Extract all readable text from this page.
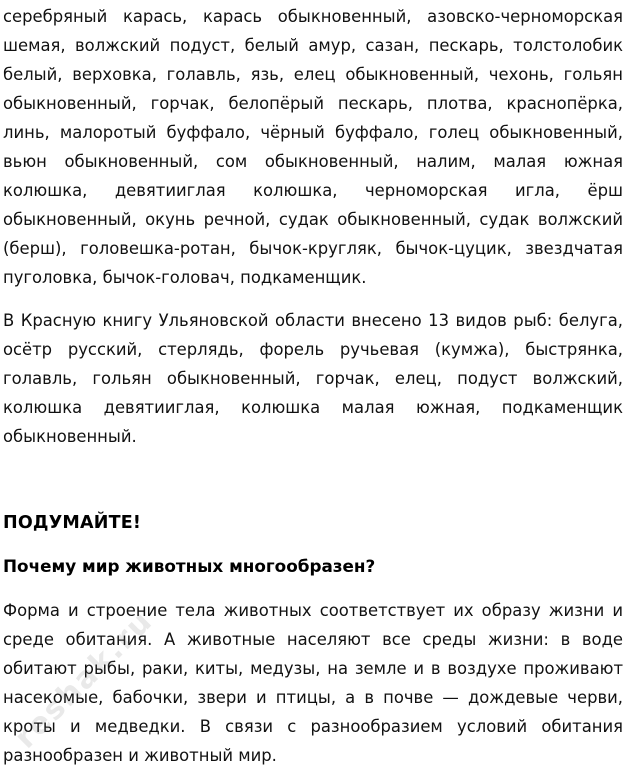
серебряный карась, карась обыкновенный, азовско-черноморская шемая, волжский подуст, белый амур, сазан, пескарь, толстолобик белый, верховка, голавль, язь, елец обыкновенный, чехонь, гольян обыкновенный, горчак, белопёрый пескарь, плотва, краснопёрка, линь, малоротый буффало, чёрный буффало, голец обыкновенный, вьюн обыкновенный, сом обыкновенный, налим, малая южная колюшка, девятииглая колюшка, черноморская игла, ёрш обыкновенный, окунь речной, судак обыкновенный, судак волжский (берш), головешка-ротан, бычок-кругляк, бычок-цуцик, звездчатая пуголовка, бычок-головач, подкаменщик.

В Красную книгу Ульяновской области внесено 13 видов рыб: белуга, осётр русский, стерлядь, форель ручьевая (кумжа), быстрянка, голавль, гольян обыкновенный, горчак, елец, подуст волжский, колюшка девятииглая, колюшка малая южная, подкаменщик обыкновенный.

ПОДУМАЙТЕ!
Почему мир животных многообразен?

Форма и строение тела животных соответствует их образу жизни и среде обитания. А животные населяют все среды жизни: в воде обитают рыбы, раки, киты, медузы, на земле и в воздухе проживают насекомые, бабочки, звери и птицы, а в почве — дождевые черви, кроты и медведки. В связи с разнообразием условий обитания разнообразен и животный мир.

reshak.ru
